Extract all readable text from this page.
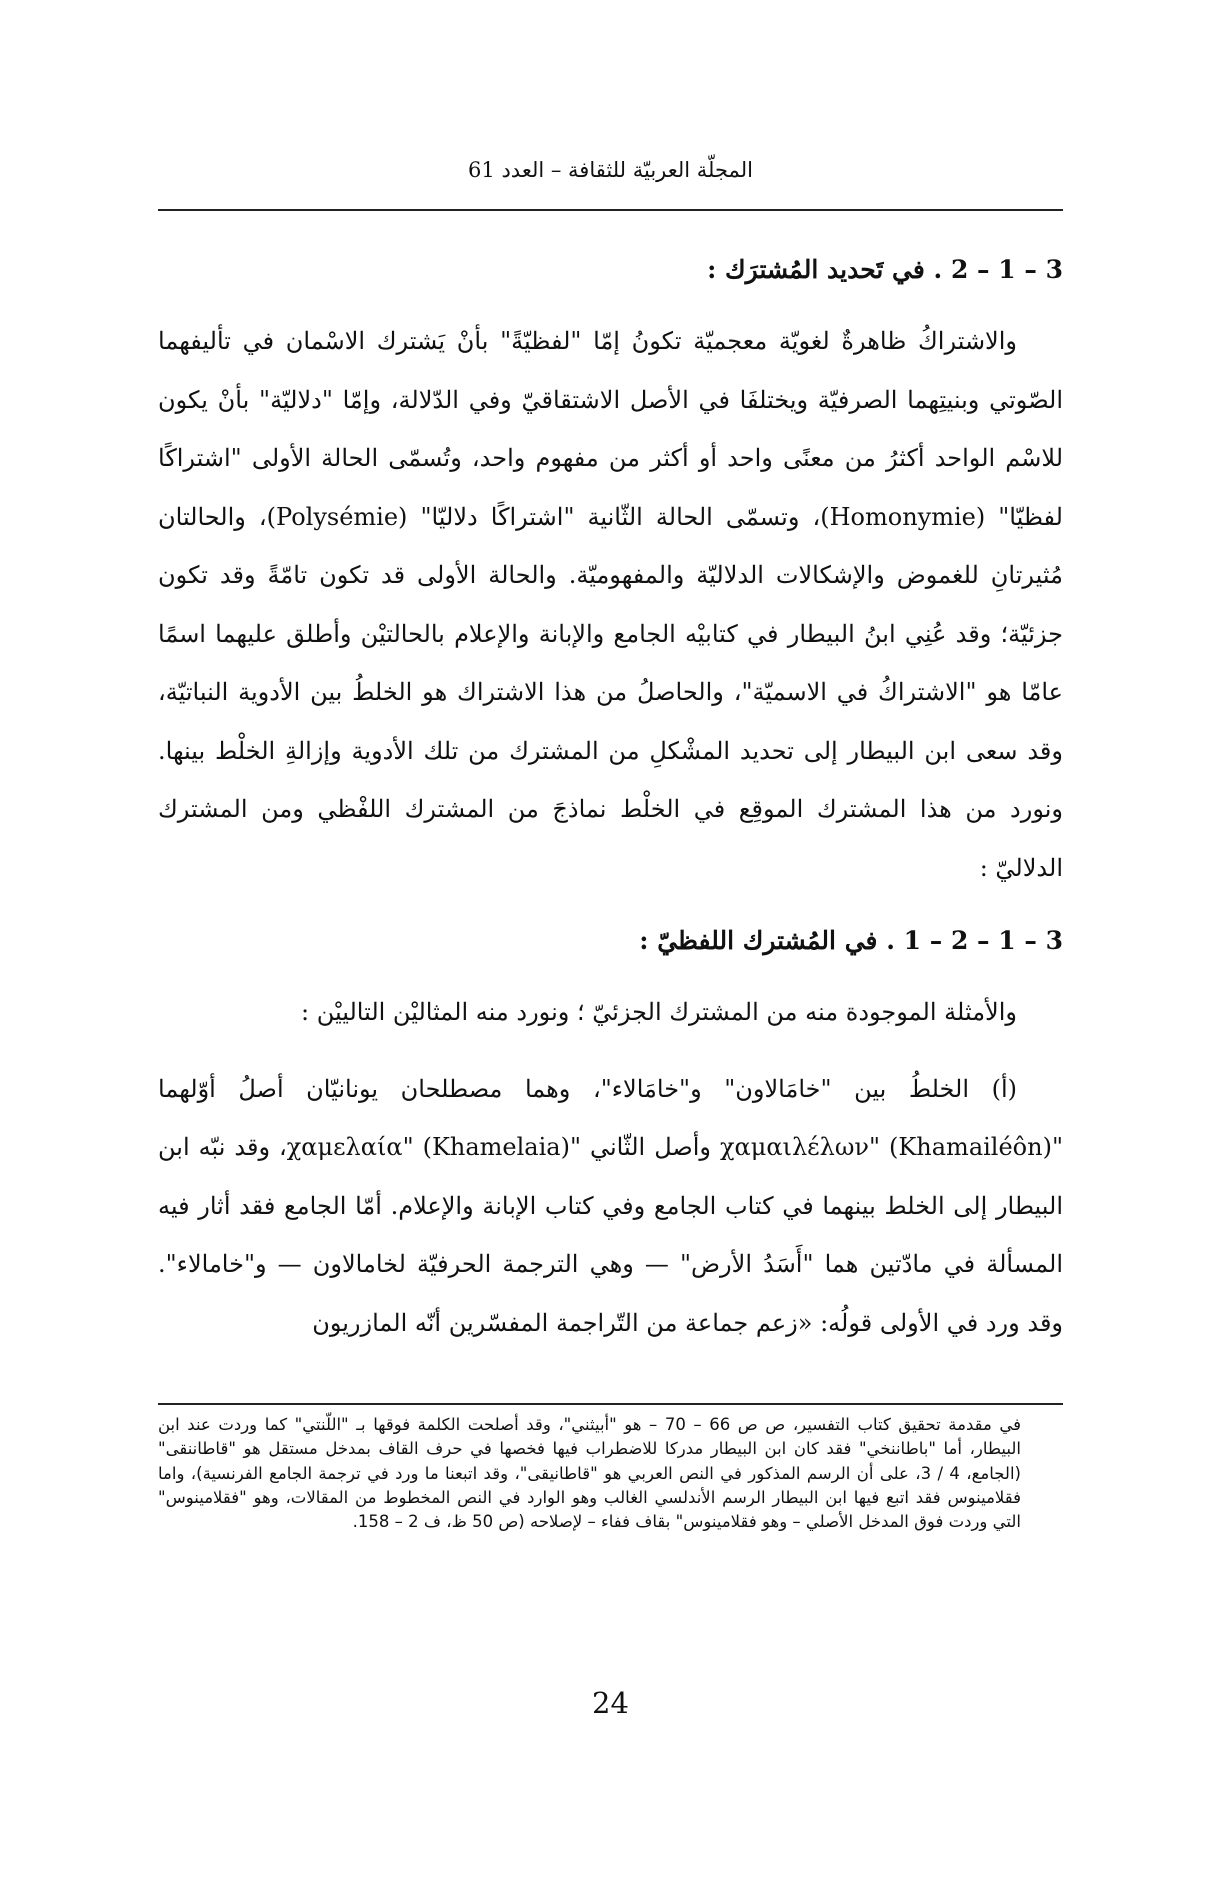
المجلّة العربيّة للثقافة – العدد 61
3 – 1 – 2 . في تَحديد المُشترَك :

والاشتراكُ ظاهرةٌ لغويّة معجميّة تكونُ إمّا "لفظيّةً" بأنْ يَشترك الاسْمان في تأليفهما الصّوتي وبنيتِهما الصرفيّة ويختلفَا في الأصل الاشتقاقيّ وفي الدّلالة، وإمّا "دلاليّة" بأنْ يكون للاسْم الواحد أكثرُ من معنًى واحد أو أكثر من مفهوم واحد، وتُسمّى الحالة الأولى "اشتراكًا لفظيّا" (Homonymie)، وتسمّى الحالة الثّانية "اشتراكًا دلاليّا" (Polysémie)، والحالتان مُثيرتانِ للغموض والإشكالات الدلاليّة والمفهوميّة. والحالة الأولى قد تكون تامّةً وقد تكون جزئيّة؛ وقد عُنِي ابنُ البيطار في كتابيْه الجامع والإبانة والإعلام بالحالتيْن وأطلق عليهما اسمًا عامّا هو "الاشتراكُ في الاسميّة"، والحاصلُ من هذا الاشتراك هو الخلطُ بين الأدوية النباتيّة، وقد سعى ابن البيطار إلى تحديد المشْكلِ من المشترك من تلك الأدوية وإزالةِ الخلْط بينها. ونورد من هذا المشترك الموقِع في الخلْط نماذجَ من المشترك اللفْظي ومن المشترك الدلاليّ :

3 – 1 – 2 – 1 . في المُشترك اللفظيّ :

والأمثلة الموجودة منه من المشترك الجزئيّ ؛ ونورد منه المثاليْن التالييْن :

(أ) الخلطُ بين "خامَالاون" و"خامَالاء"، وهما مصطلحان يونانيّان أصلُ أوّلهما "χαμαιλέλων" (Khamailéôn) وأصل الثّاني "χαμελαία" (Khamelaia)، وقد نبّه ابن البيطار إلى الخلط بينهما في كتاب الجامع وفي كتاب الإبانة والإعلام. أمّا الجامع فقد أثار فيه المسألة في مادّتين هما "أَسَدُ الأرض" — وهي الترجمة الحرفيّة لخامالاون — و"خامالاء". وقد ورد في الأولى قولُه: «زعم جماعة من التّراجمة المفسّرين أنّه المازريون

في مقدمة تحقيق كتاب التفسير، ص ص 66 – 70 – هو "أبيثني"، وقد أصلحت الكلمة فوقها بـ "اللّنتي" كما وردت عند ابن البيطار، أما "باطاننخي" فقد كان ابن البيطار مدركا للاضطراب فيها فخصها في حرف القاف بمدخل مستقل هو "قاطاننقى" (الجامع، 4 / 3، على أن الرسم المذكور في النص العربي هو "قاطانيقى"، وقد اتبعنا ما ورد في ترجمة الجامع الفرنسية)، واما فقلامينوس فقد اتبع فيها ابن البيطار الرسم الأندلسي الغالب وهو الوارد في النص المخطوط من المقالات، وهو "فقلامينوس" التي وردت فوق المدخل الأصلي – وهو فقلامينوس" بقاف ففاء – لإصلاحه (ص 50 ظ، ف 2 – 158.
24
